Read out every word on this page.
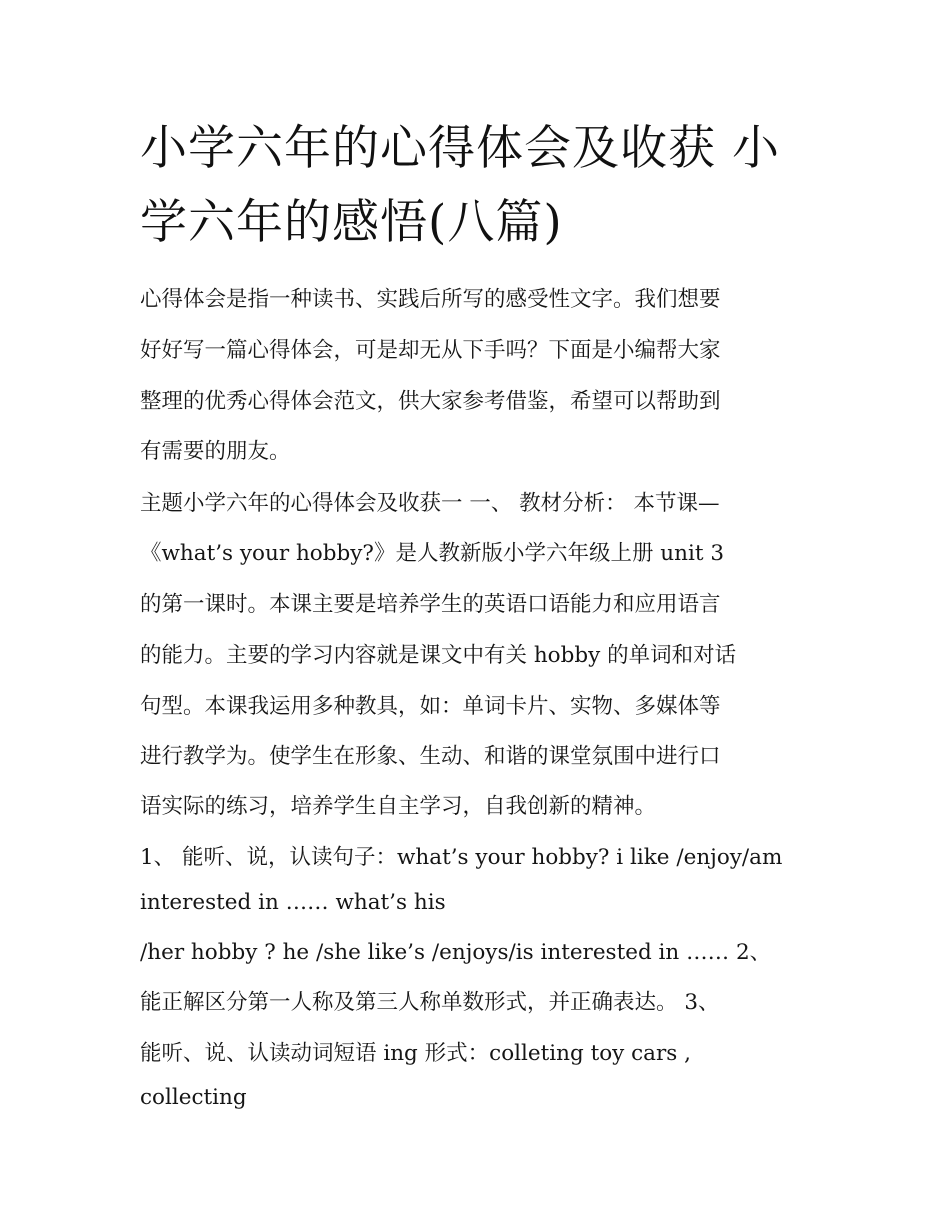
小学六年的心得体会及收获 小学六年的感悟(八篇)

心得体会是指一种读书、实践后所写的感受性文字。我们想要

好好写一篇心得体会，可是却无从下手吗？下面是小编帮大家

整理的优秀心得体会范文，供大家参考借鉴，希望可以帮助到

有需要的朋友。

主题小学六年的心得体会及收获一 一、 教材分析： 本节课—

《what’s your hobby?》是人教新版小学六年级上册 unit 3

的第一课时。本课主要是培养学生的英语口语能力和应用语言

的能力。主要的学习内容就是课文中有关 hobby 的单词和对话

句型。本课我运用多种教具，如：单词卡片、实物、多媒体等

进行教学为。使学生在形象、生动、和谐的课堂氛围中进行口

语实际的练习，培养学生自主学习，自我创新的精神。

1、 能听、说，认读句子：what’s your hobby? i like /enjoy/am

interested in …… what’s his

/her hobby ? he /she like’s /enjoys/is interested in …… 2、

能正解区分第一人称及第三人称单数形式，并正确表达。 3、

能听、说、认读动词短语 ing 形式：colleting toy cars ,

collecting
